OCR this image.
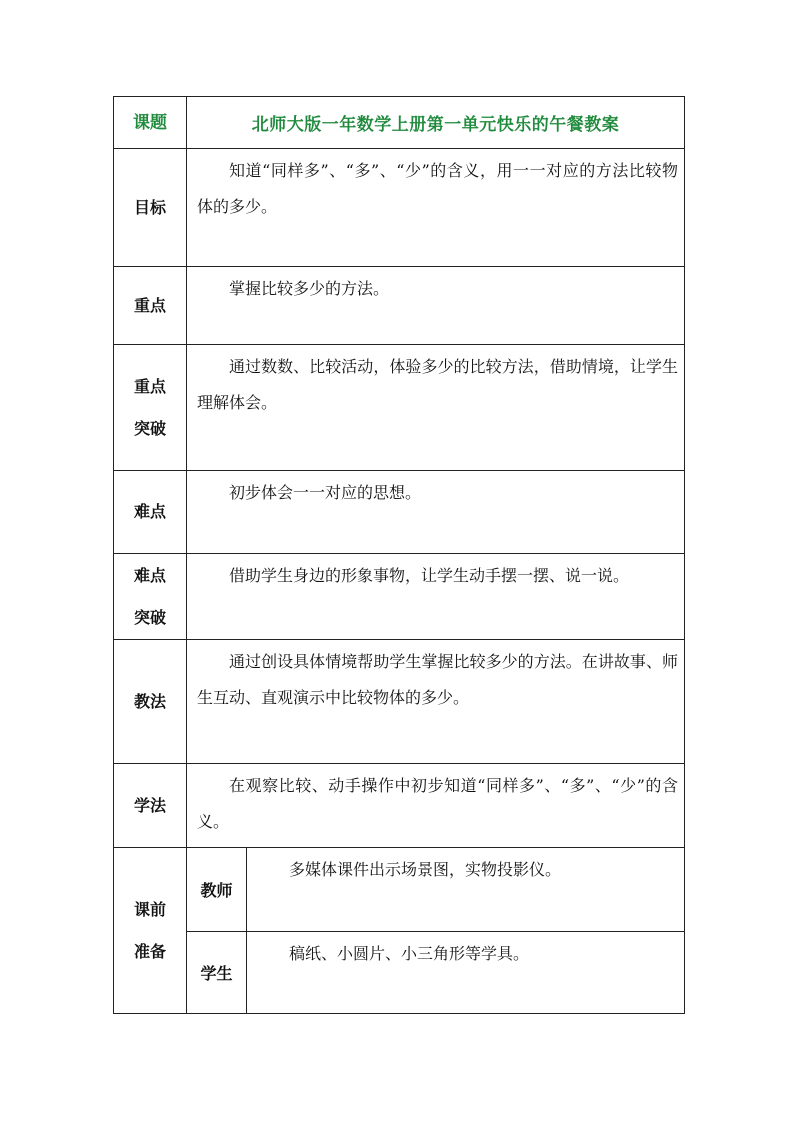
课题	北师大版一年数学上册第一单元快乐的午餐教案	

目标	知道“同样多”、“多”、“少”的含义，用一一对应的方法比较物体的多少。	

重点	掌握比较多少的方法。	

重点
突破	通过数数、比较活动，体验多少的比较方法，借助情境，让学生理解体会。	

难点	初步体会一一对应的思想。	

难点
突破	借助学生身边的形象事物，让学生动手摆一摆、说一说。	

教法	通过创设具体情境帮助学生掌握比较多少的方法。在讲故事、师生互动、直观演示中比较物体的多少。	

学法	在观察比较、动手操作中初步知道“同样多”、“多”、“少”的含义。	

课前
准备	教师	多媒体课件出示场景图，实物投影仪。
	学生	稿纸、小圆片、小三角形等学具。
